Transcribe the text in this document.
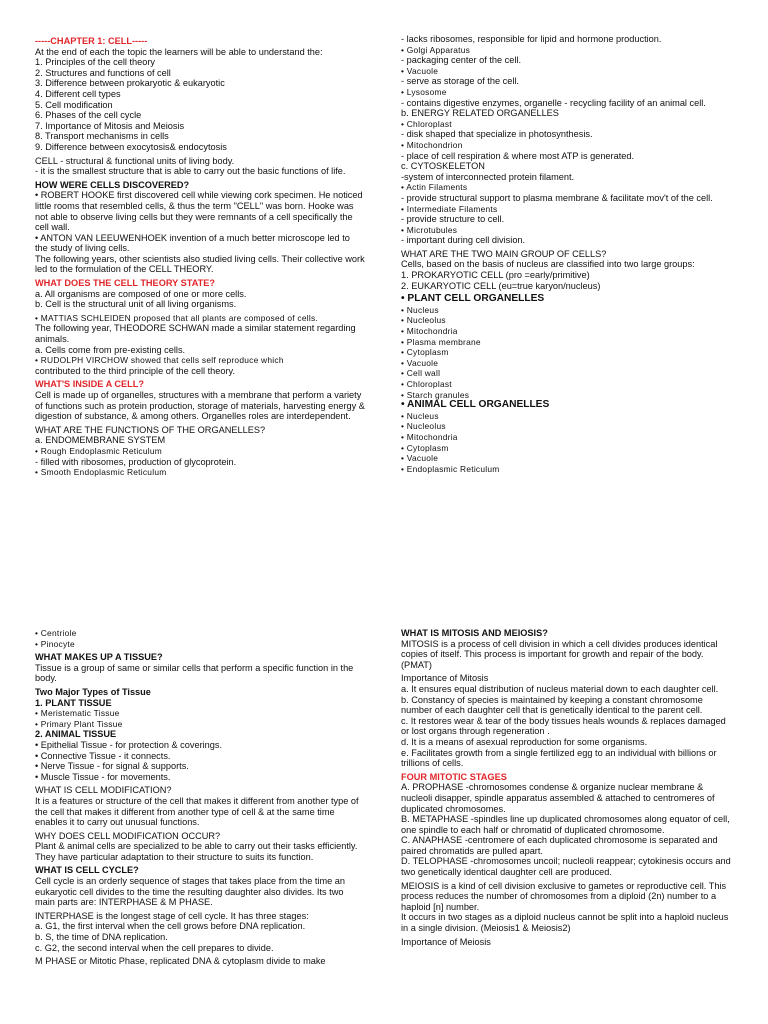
-----CHAPTER 1: CELL-----

At the end of each the topic the learners will be able to understand the:

1. Principles of the cell theory

2. Structures and functions of cell

3. Difference between prokaryotic & eukaryotic

4. Different cell types

5. Cell modification

6. Phases of the cell cycle

7. Importance of Mitosis and Meiosis

8. Transport mechanisms in cells

9. Difference between exocytosis& endocytosis

CELL - structural & functional units of living body.

- it is the smallest structure that is able to carry out the basic functions of life.

HOW WERE CELLS DISCOVERED?

• ROBERT HOOKE first discovered cell while viewing cork specimen. He noticed little rooms that resembled cells, & thus the term "CELL" was born. Hooke was not able to observe living cells but they were remnants of a cell specifically the cell wall.

• ANTON VAN LEEUWENHOEK invention of a much better microscope led to the study of living cells.

The following years, other scientists also studied living cells. Their collective work led to the formulation of the CELL THEORY.

WHAT DOES THE CELL THEORY STATE?

a. All organisms are composed of one or more cells.

b. Cell is the structural unit of all living organisms.

• MATTIAS SCHLEIDEN proposed that all plants are composed of cells.

The following year, THEODORE SCHWAN made a similar statement regarding animals.

a. Cells come from pre-existing cells.

• RUDOLPH VIRCHOW showed that cells self reproduce which

contributed to the third principle of the cell theory.

WHAT'S INSIDE A CELL?

Cell is made up of organelles, structures with a membrane that perform a variety of functions such as protein production, storage of materials, harvesting energy & digestion of substance, & among others. Organelles roles are interdependent.

WHAT ARE THE FUNCTIONS OF THE ORGANELLES?

a. ENDOMEMBRANE SYSTEM

• Rough Endoplasmic Reticulum

- filled with ribosomes, production of glycoprotein.

• Smooth Endoplasmic Reticulum

- lacks ribosomes, responsible for lipid and hormone production.

• Golgi Apparatus

- packaging center of the cell.

• Vacuole

- serve as storage of the cell.

• Lysosome

- contains digestive enzymes, organelle - recycling facility of an animal cell.

b. ENERGY RELATED ORGANELLES

• Chloroplast

- disk shaped that specialize in photosynthesis.

• Mitochondrion

- place of cell respiration & where most ATP is generated.

c. CYTOSKELETON

-system of interconnected protein filament.

• Actin Filaments

- provide structural support to plasma membrane & facilitate mov't of the cell.

• Intermediate Filaments

- provide structure to cell.

• Microtubules

- important during cell division.

WHAT ARE THE TWO MAIN GROUP OF CELLS?

Cells, based on the basis of nucleus are classified into two large groups:

1. PROKARYOTIC CELL (pro =early/primitive)

2. EUKARYOTIC CELL (eu=true karyon/nucleus)

• PLANT CELL ORGANELLES

• Nucleus

• Nucleolus

• Mitochondria

• Plasma membrane

• Cytoplasm

• Vacuole

• Cell wall

• Chloroplast

• Starch granules

• ANIMAL CELL ORGANELLES

• Nucleus

• Nucleolus

• Mitochondria

• Cytoplasm

• Vacuole

• Endoplasmic Reticulum

• Centriole

• Pinocyte

WHAT MAKES UP A TISSUE?

Tissue is a group of same or similar cells that perform a specific function in the body.

Two Major Types of Tissue

1. PLANT TISSUE

• Meristematic Tissue

• Primary Plant Tissue

2. ANIMAL TISSUE

• Epithelial Tissue - for protection & coverings.

• Connective Tissue - it connects.

• Nerve Tissue - for signal & supports.

• Muscle Tissue - for movements.

WHAT IS CELL MODIFICATION?

It is a features or structure of the cell that makes it different from another type of the cell that makes it different from another type of cell & at the same time enables it to carry out unusual functions.

WHY DOES CELL MODIFICATION OCCUR?

Plant & animal cells are specialized to be able to carry out their tasks efficiently. They have particular adaptation to their structure to suits its function.

WHAT IS CELL CYCLE?

Cell cycle is an orderly sequence of stages that takes place from the time an eukaryotic cell divides to the time the resulting daughter also divides. Its two main parts are: INTERPHASE & M PHASE.

INTERPHASE is the longest stage of cell cycle. It has three stages:

a. G1, the first interval when the cell grows before DNA replication.

b. S, the time of DNA replication.

c. G2, the second interval when the cell prepares to divide.

M PHASE or Mitotic Phase, replicated DNA & cytoplasm divide to make

WHAT IS MITOSIS AND MEIOSIS?

MITOSIS is a process of cell division in which a cell divides produces identical copies of itself. This process is important for growth and repair of the body. (PMAT)

Importance of Mitosis

a. It ensures equal distribution of nucleus material down to each daughter cell.

b. Constancy of species is maintained by keeping a constant chromosome number of each daughter cell that is genetically identical to the parent cell.

c. It restores wear & tear of the body tissues heals wounds & replaces damaged or lost organs through regeneration .

d. It is a means of asexual reproduction for some organisms.

e. Facilitates growth from a single fertilized egg to an individual with billions or trillions of cells.

FOUR MITOTIC STAGES

A. PROPHASE -chromosomes condense & organize nuclear membrane & nucleoli disapper, spindle apparatus assembled & attached to centromeres of duplicated chromosomes.

B. METAPHASE -spindles line up duplicated chromosomes along equator of cell, one spindle to each half or chromatid of duplicated chromosome.

C. ANAPHASE -centromere of each duplicated chromosome is separated and paired chromatids are pulled apart.

D. TELOPHASE -chromosomes uncoil; nucleoli reappear; cytokinesis occurs and two genetically identical daughter cell are produced.

MEIOSIS is a kind of cell division exclusive to gametes or reproductive cell. This process reduces the number of chromosomes from a diploid (2n) number to a haploid [n] number.

It occurs in two stages as a diploid nucleus cannot be split into a haploid nucleus in a single division. (Meiosis1 & Meiosis2)

Importance of Meiosis
